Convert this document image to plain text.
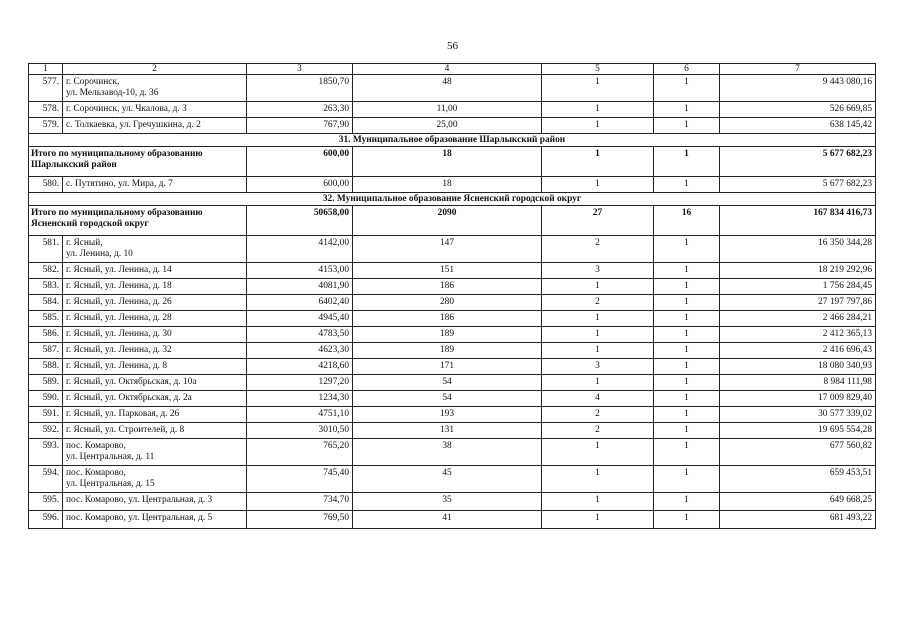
56
1	2	3	4	5	6	7
577.	г. Сорочинск,
ул. Мельзавод-10, д. 36	1850,70	48	1	1	9 443 080,16
578.	г. Сорочинск, ул. Чкалова, д. 3	263,30	11,00	1	1	526 669,85
579.	с. Толкаевка, ул. Гречушкина, д. 2	767,90	25,00	1	1	638 145,42
31. Муниципальное образование Шарлыкский район						
Итого по муниципальному образованию
Шарлыкский район		600,00	18	1	1	5 677 682,23
580.	с. Путятино, ул. Мира, д. 7	600,00	18	1	1	5 677 682,23
32. Муниципальное образование Ясненский городской округ						
Итого по муниципальному образованию
Ясненский городской округ		50658,00	2090	27	16	167 834 416,73
581.	г. Ясный,
ул. Ленина, д. 10	4142,00	147	2	1	16 350 344,28
582.	г. Ясный, ул. Ленина, д. 14	4153,00	151	3	1	18 219 292,96
583.	г. Ясный, ул. Ленина, д. 18	4081,90	186	1	1	1 756 284,45
584.	г. Ясный, ул. Ленина, д. 26	6402,40	280	2	1	27 197 797,86
585.	г. Ясный, ул. Ленина, д. 28	4945,40	186	1	1	2 466 284,21
586.	г. Ясный, ул. Ленина, д. 30	4783,50	189	1	1	2 412 365,13
587.	г. Ясный, ул. Ленина, д. 32	4623,30	189	1	1	2 416 696,43
588.	г. Ясный, ул. Ленина, д. 8	4218,60	171	3	1	18 080 340,93
589.	г. Ясный, ул. Октябрьская, д. 10а	1297,20	54	1	1	8 984 111,98
590.	г. Ясный, ул. Октябрьская, д. 2а	1234,30	54	4	1	17 009 829,40
591.	г. Ясный, ул. Парковая, д. 26	4751,10	193	2	1	30 577 339,02
592.	г. Ясный, ул. Строителей, д. 8	3010,50	131	2	1	19 695 554,28
593.	пос. Комарово,
ул. Центральная, д. 11	765,20	38	1	1	677 560,82
594.	пос. Комарово,
ул. Центральная, д. 15	745,40	45	1	1	659 453,51
595.	пос. Комарово, ул. Центральная, д. 3	734,70	35	1	1	649 668,25
596.	пос. Комарово, ул. Центральная, д. 5	769,50	41	1	1	681 493,22
